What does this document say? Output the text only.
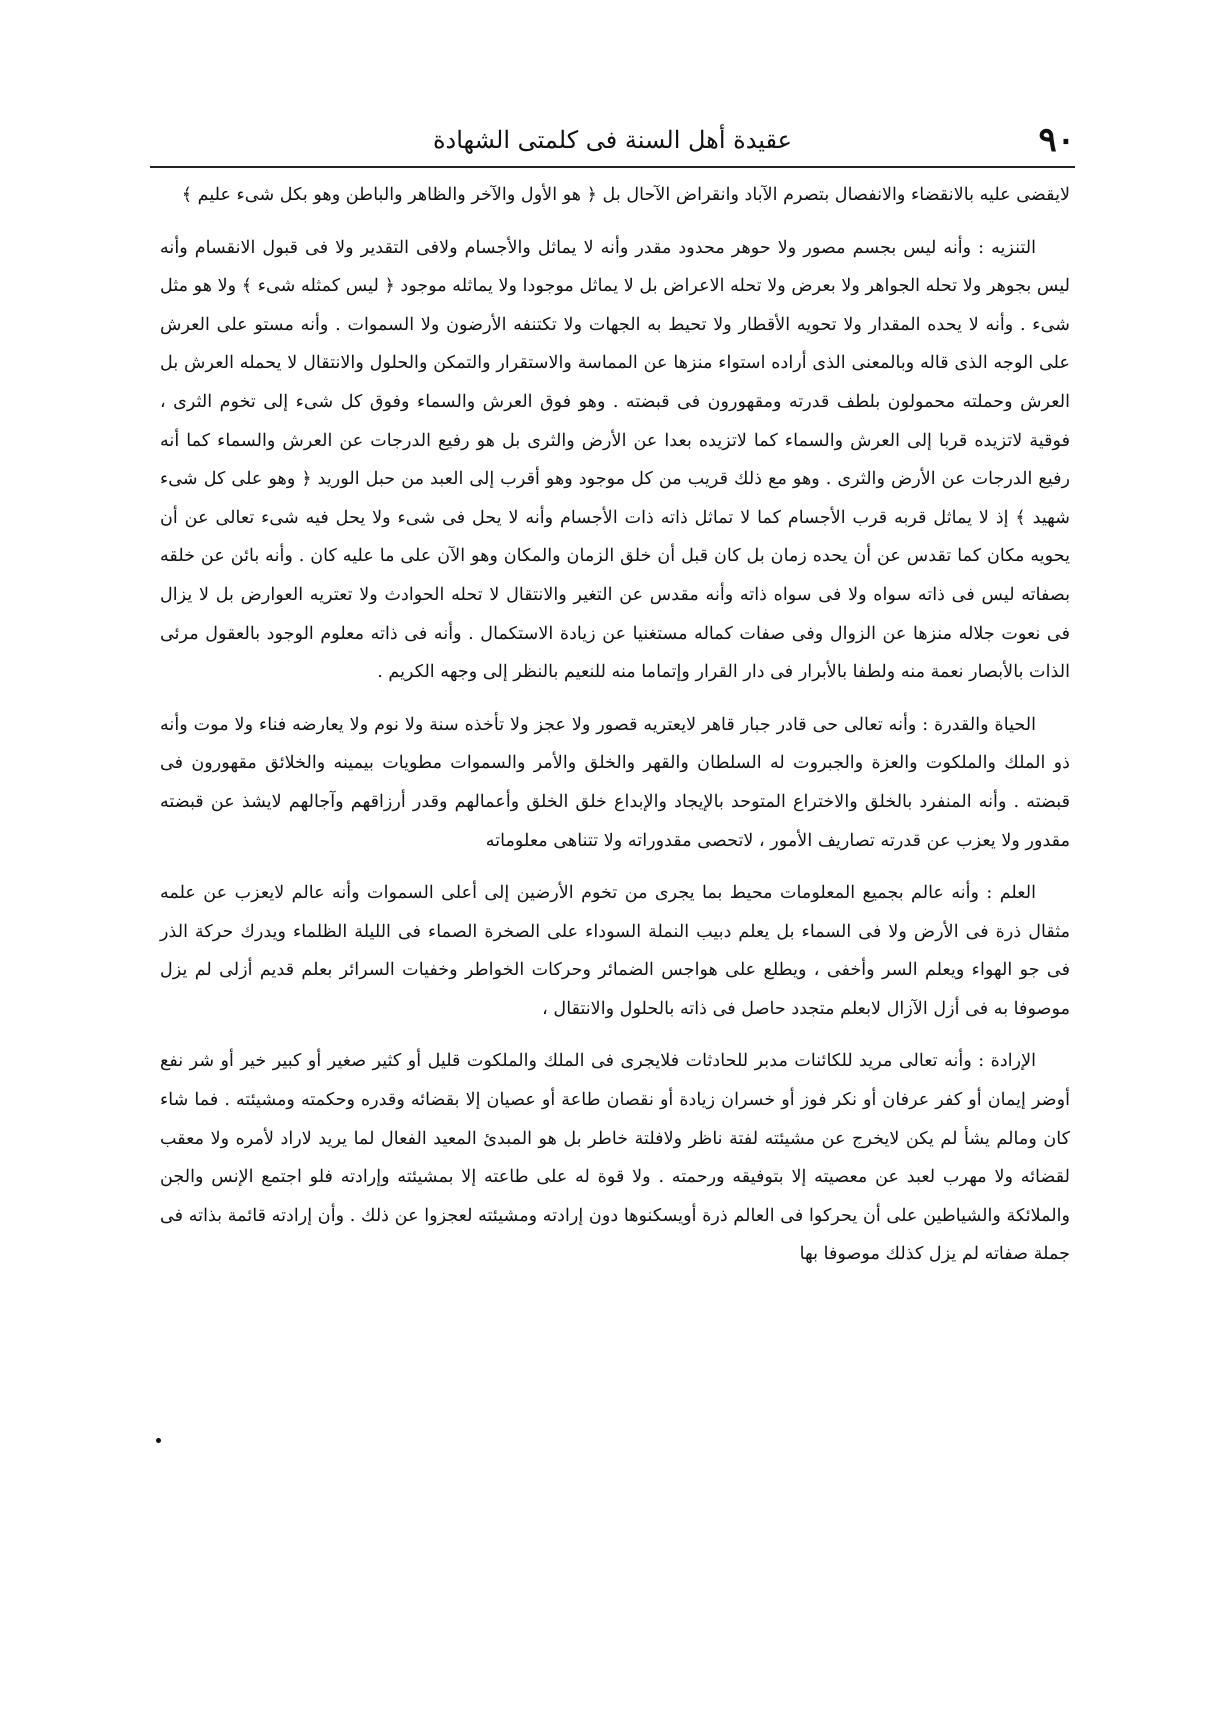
٩٠
عقيدة أهل السنة فى كلمتى الشهادة

لايقضى عليه بالانقضاء والانفصال بتصرم الآباد وانقراض الآحال بل ﴿ هو الأول والآخر والظاهر والباطن وهو بكل شىء عليم ﴾

التنزيه : وأنه ليس بجسم مصور ولا حوهر محدود مقدر وأنه لا يماثل والأجسام ولافى التقدير ولا فى قبول الانقسام وأنه ليس بجوهر ولا تحله الجواهر ولا بعرض ولا تحله الاعراض بل لا يماثل موجودا ولا يماثله موجود ﴿ ليس كمثله شىء ﴾ ولا هو مثل شىء . وأنه لا يحده المقدار ولا تحويه الأقطار ولا تحيط به الجهات ولا تكتنفه الأرضون ولا السموات . وأنه مستو على العرش على الوجه الذى قاله وبالمعنى الذى أراده استواء منزها عن المماسة والاستقرار والتمكن والحلول والانتقال لا يحمله العرش بل العرش وحملته محمولون بلطف قدرته ومقهورون فى قبضته . وهو فوق العرش والسماء وفوق كل شىء إلى تخوم الثرى ، فوقية لاتزيده قربا إلى العرش والسماء كما لاتزيده بعدا عن الأرض والثرى بل هو رفيع الدرجات عن العرش والسماء كما أنه رفيع الدرجات عن الأرض والثرى . وهو مع ذلك قريب من كل موجود وهو أقرب إلى العبد من حبل الوريد ﴿ وهو على كل شىء شهيد ﴾ إذ لا يماثل قربه قرب الأجسام كما لا تماثل ذاته ذات الأجسام وأنه لا يحل فى شىء ولا يحل فيه شىء تعالى عن أن يحويه مكان كما تقدس عن أن يحده زمان بل كان قبل أن خلق الزمان والمكان وهو الآن على ما عليه كان . وأنه بائن عن خلقه بصفاته ليس فى ذاته سواه ولا فى سواه ذاته وأنه مقدس عن التغير والانتقال لا تحله الحوادث ولا تعتريه العوارض بل لا يزال فى نعوت جلاله منزها عن الزوال وفى صفات كماله مستغنيا عن زيادة الاستكمال . وأنه فى ذاته معلوم الوجود بالعقول مرئى الذات بالأبصار نعمة منه ولطفا بالأبرار فى دار القرار وإتماما منه للنعيم بالنظر إلى وجهه الكريم .

الحياة والقدرة : وأنه تعالى حى قادر جبار قاهر لايعتريه قصور ولا عجز ولا تأخذه سنة ولا نوم ولا يعارضه فناء ولا موت وأنه ذو الملك والملكوت والعزة والجبروت له السلطان والقهر والخلق والأمر والسموات مطويات بيمينه والخلائق مقهورون فى قبضته . وأنه المنفرد بالخلق والاختراع المتوحد بالإيجاد والإبداع خلق الخلق وأعمالهم وقدر أرزاقهم وآجالهم لايشذ عن قبضته مقدور ولا يعزب عن قدرته تصاريف الأمور ، لاتحصى مقدوراته ولا تتناهى معلوماته

العلم : وأنه عالم بجميع المعلومات محيط بما يجرى من تخوم الأرضين إلى أعلى السموات وأنه عالم لايعزب عن علمه مثقال ذرة فى الأرض ولا فى السماء بل يعلم دبيب النملة السوداء على الصخرة الصماء فى الليلة الظلماء ويدرك حركة الذر فى جو الهواء ويعلم السر وأخفى ، ويطلع على هواجس الضمائر وحركات الخواطر وخفيات السرائر بعلم قديم أزلى لم يزل موصوفا به فى أزل الآزال لابعلم متجدد حاصل فى ذاته بالحلول والانتقال ،

الإرادة : وأنه تعالى مريد للكائنات مدبر للحادثات فلايجرى فى الملك والملكوت قليل أو كثير صغير أو كبير خير أو شر نفع أوضر إيمان أو كفر عرفان أو نكر فوز أو خسران زيادة أو نقصان طاعة أو عصيان إلا بقضائه وقدره وحكمته ومشيئته . فما شاء كان ومالم يشأ لم يكن لايخرج عن مشيئته لفتة ناظر ولافلتة خاطر بل هو المبدئ المعيد الفعال لما يريد لاراد لأمره ولا معقب لقضائه ولا مهرب لعبد عن معصيته إلا بتوفيقه ورحمته . ولا قوة له على طاعته إلا بمشيئته وإرادته فلو اجتمع الإنس والجن والملائكة والشياطين على أن يحركوا فى العالم ذرة أويسكنوها دون إرادته ومشيئته لعجزوا عن ذلك . وأن إرادته قائمة بذاته فى جملة صفاته لم يزل كذلك موصوفا بها
